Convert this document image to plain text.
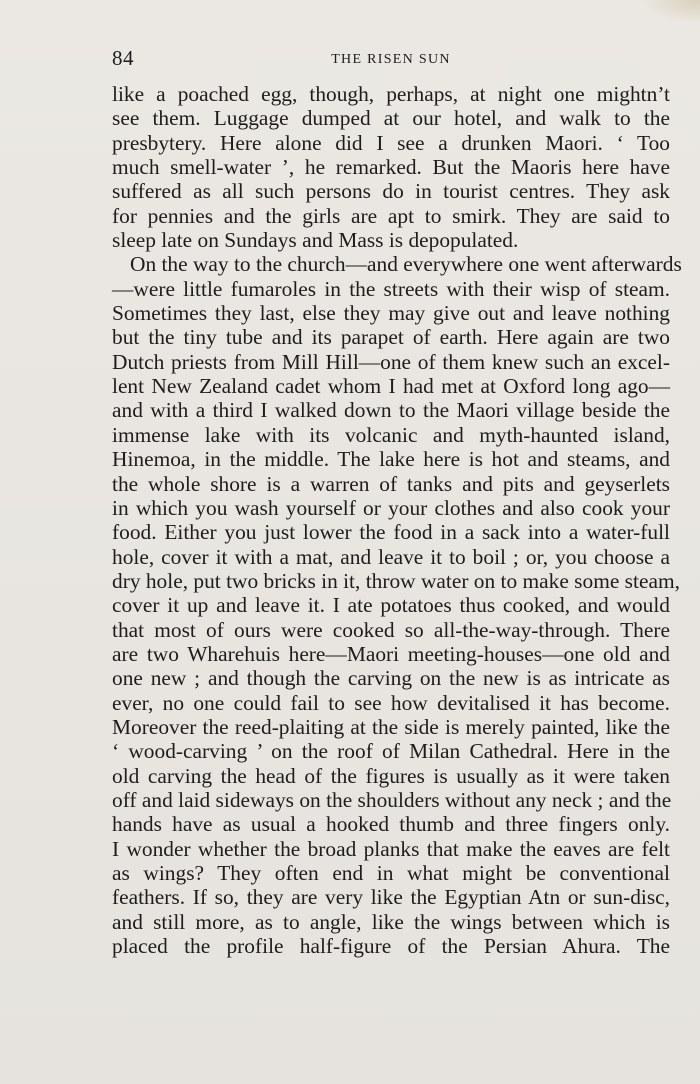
84	THE RISEN SUN
like a poached egg, though, perhaps, at night one mightn’t
see them. Luggage dumped at our hotel, and walk to the
presbytery. Here alone did I see a drunken Maori. ‘ Too
much smell-water ’, he remarked. But the Maoris here have
suffered as all such persons do in tourist centres. They ask
for pennies and the girls are apt to smirk. They are said to
sleep late on Sundays and Mass is depopulated.
On the way to the church—and everywhere one went afterwards
—were little fumaroles in the streets with their wisp of steam.
Sometimes they last, else they may give out and leave nothing
but the tiny tube and its parapet of earth. Here again are two
Dutch priests from Mill Hill—one of them knew such an excel-
lent New Zealand cadet whom I had met at Oxford long ago—
and with a third I walked down to the Maori village beside the
immense lake with its volcanic and myth-haunted island,
Hinemoa, in the middle. The lake here is hot and steams, and
the whole shore is a warren of tanks and pits and geyserlets
in which you wash yourself or your clothes and also cook your
food. Either you just lower the food in a sack into a water-full
hole, cover it with a mat, and leave it to boil ; or, you choose a
dry hole, put two bricks in it, throw water on to make some steam,
cover it up and leave it. I ate potatoes thus cooked, and would
that most of ours were cooked so all-the-way-through. There
are two Wharehuis here—Maori meeting-houses—one old and
one new ; and though the carving on the new is as intricate as
ever, no one could fail to see how devitalised it has become.
Moreover the reed-plaiting at the side is merely painted, like the
‘ wood-carving ’ on the roof of Milan Cathedral. Here in the
old carving the head of the figures is usually as it were taken
off and laid sideways on the shoulders without any neck ; and the
hands have as usual a hooked thumb and three fingers only.
I wonder whether the broad planks that make the eaves are felt
as wings? They often end in what might be conventional
feathers. If so, they are very like the Egyptian Atn or sun-disc,
and still more, as to angle, like the wings between which is
placed the profile half-figure of the Persian Ahura. The
